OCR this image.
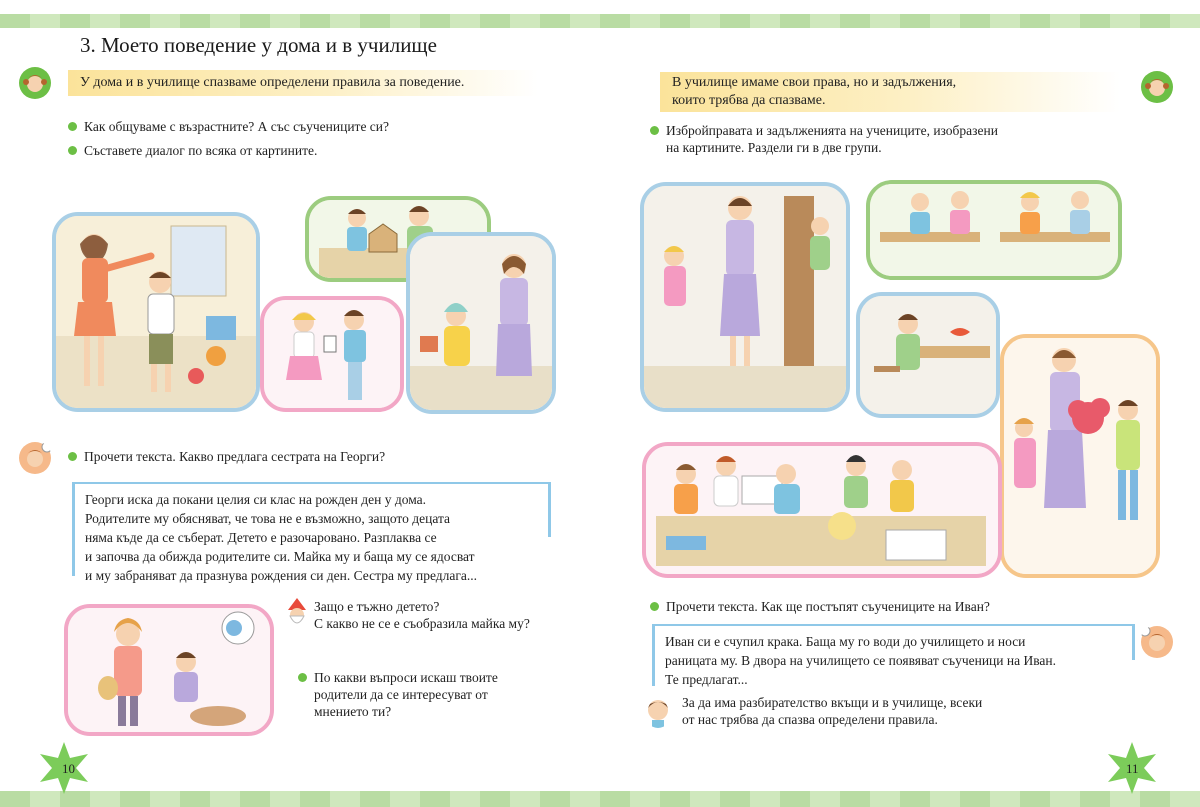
3. Моето поведение у дома и в училище
У дома и в училище спазваме определени правила за поведение.
Как общуваме с възрастните? А със съучениците си?
Съставете диалог по всяка от картините.
Прочети текста. Какво предлага сестрата на Георги?
Георги иска да покани целия си клас на рожден ден у дома.
Родителите му обясняват, че това не е възможно, защото децата
няма къде да се съберат. Детето е разочаровано. Разплаква се
и започва да обижда родителите си. Майка му и баща му се ядосват
и му забраняват да празнува рождения си ден. Сестра му предлага...
Защо е тъжно детето?
С какво не се е съобразила майка му?
По какви въпроси искаш твоите
родители да се интересуват от
мнението ти?
10
В училище имаме свои права, но и задължения,
които трябва да спазваме.
Избройправата и задълженията на учениците, изобразени
на картините. Раздели ги в две групи.
Прочети текста. Как ще постъпят съучениците на Иван?
Иван си е счупил крака. Баща му го води до училището и носи
раницата му. В двора на училището се появяват съученици на Иван.
Те предлагат...
За да има разбирателство вкъщи и в училище, всеки
от нас трябва да спазва определени правила.
11
